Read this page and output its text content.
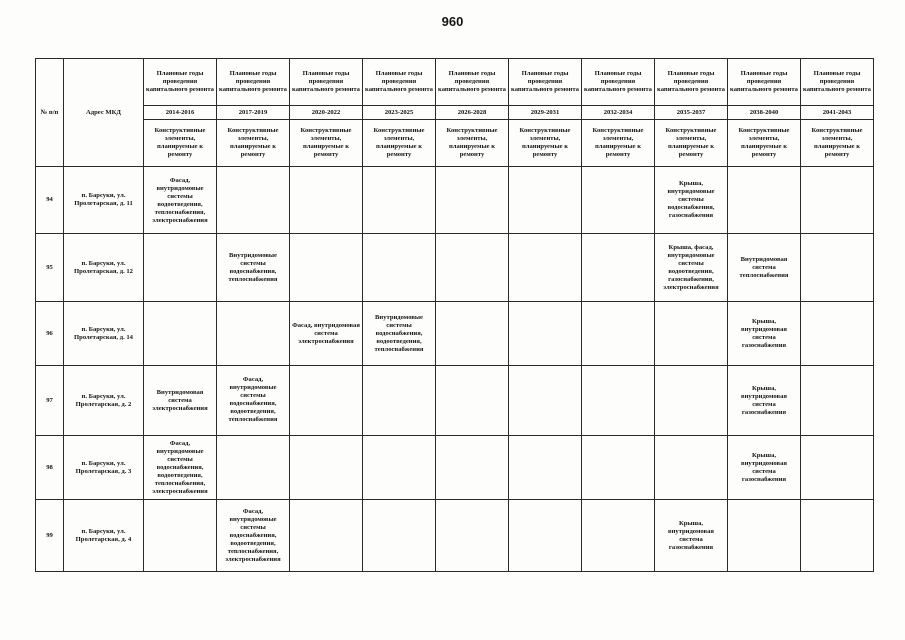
960
№ п/п	Адрес МКД	Плановые годы проведения капитального ремонта	Плановые годы проведения капитального ремонта	Плановые годы проведения капитального ремонта	Плановые годы проведения капитального ремонта	Плановые годы проведения капитального ремонта	Плановые годы проведения капитального ремонта	Плановые годы проведения капитального ремонта	Плановые годы проведения капитального ремонта	Плановые годы проведения капитального ремонта	Плановые годы проведения капитального ремонта
		2014-2016	2017-2019	2020-2022	2023-2025	2026-2028	2029-2031	2032-2034	2035-2037	2038-2040	2041-2043
		Конструктивные элементы, планируемые к ремонту	Конструктивные элементы, планируемые к ремонту	Конструктивные элементы, планируемые к ремонту	Конструктивные элементы, планируемые к ремонту	Конструктивные элементы, планируемые к ремонту	Конструктивные элементы, планируемые к ремонту	Конструктивные элементы, планируемые к ремонту	Конструктивные элементы, планируемые к ремонту	Конструктивные элементы, планируемые к ремонту	Конструктивные элементы, планируемые к ремонту
94	п. Барсуки, ул. Пролетарская, д. 11	Фасад, внутридомовые системы водоотведения, теплоснабжения, электроснабжения							Крыша, внутридомовые системы водоснабжения, газоснабжения		
95	п. Барсуки, ул. Пролетарская, д. 12		Внутридомовые системы водоснабжения, теплоснабжения						Крыша, фасад, внутридомовые системы водоотведения, газоснабжения, электроснабжения	Внутридомовая система теплоснабжения	
96	п. Барсуки, ул. Пролетарская, д. 14			Фасад, внутридомовая система электроснабжения	Внутридомовые системы водоснабжения, водоотведения, теплоснабжения					Крыша, внутридомовая система газоснабжения	
97	п. Барсуки, ул. Пролетарская, д. 2	Внутридомовая система электроснабжения	Фасад, внутридомовые системы водоснабжения, водоотведения, теплоснабжения							Крыша, внутридомовая система газоснабжения	
98	п. Барсуки, ул. Пролетарская, д. 3	Фасад, внутридомовые системы водоснабжения, водоотведения, теплоснабжения, электроснабжения								Крыша, внутридомовая система газоснабжения	
99	п. Барсуки, ул. Пролетарская, д. 4		Фасад, внутридомовые системы водоснабжения, водоотведения, теплоснабжения, электроснабжения						Крыша, внутридомовая система газоснабжения		
